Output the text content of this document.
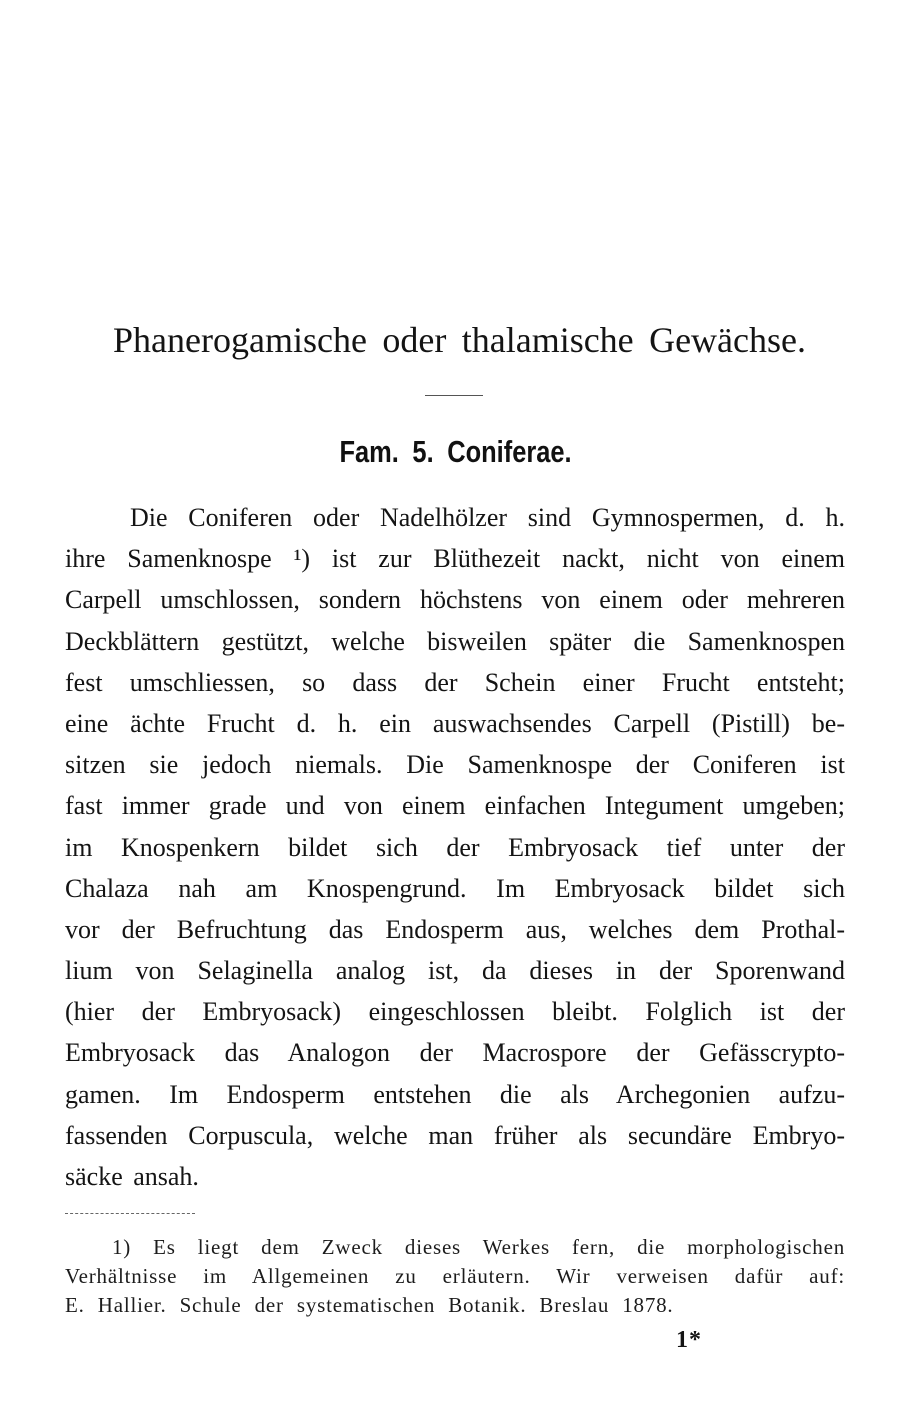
Phanerogamische oder thalamische Gewächse.
Fam. 5. Coniferae.
Die Coniferen oder Nadelhölzer sind Gymnospermen, d. h.
ihre Samenknospe ¹) ist zur Blüthezeit nackt, nicht von einem
Carpell umschlossen, sondern höchstens von einem oder mehreren
Deckblättern gestützt, welche bisweilen später die Samenknospen
fest umschliessen, so dass der Schein einer Frucht entsteht;
eine ächte Frucht d. h. ein auswachsendes Carpell (Pistill) be-
sitzen sie jedoch niemals. Die Samenknospe der Coniferen ist
fast immer grade und von einem einfachen Integument umgeben;
im Knospenkern bildet sich der Embryosack tief unter der
Chalaza nah am Knospengrund. Im Embryosack bildet sich
vor der Befruchtung das Endosperm aus, welches dem Prothal-
lium von Selaginella analog ist, da dieses in der Sporenwand
(hier der Embryosack) eingeschlossen bleibt. Folglich ist der
Embryosack das Analogon der Macrospore der Gefässcrypto-
gamen. Im Endosperm entstehen die als Archegonien aufzu-
fassenden Corpuscula, welche man früher als secundäre Embryo-
säcke ansah.
1) Es liegt dem Zweck dieses Werkes fern, die morphologischen
Verhältnisse im Allgemeinen zu erläutern. Wir verweisen dafür auf:
E. Hallier. Schule der systematischen Botanik. Breslau 1878.
1*
